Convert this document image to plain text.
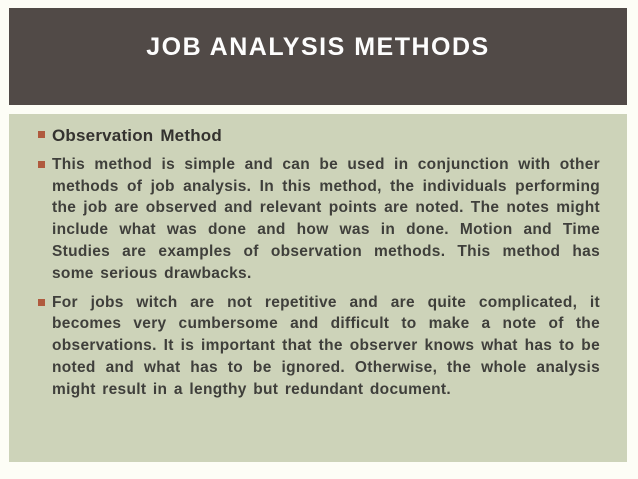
JOB ANALYSIS METHODS
Observation Method
This method is simple and can be used in conjunction with other methods of job analysis. In this method, the individuals performing the job are observed and relevant points are noted. The notes might include what was done and how was in done. Motion and Time Studies are examples of observation methods. This method has some serious drawbacks.
For jobs witch are not repetitive and are quite complicated, it becomes very cumbersome and difficult to make a note of the observations. It is important that the observer knows what has to be noted and what has to be ignored. Otherwise, the whole analysis might result in a lengthy but redundant document.
